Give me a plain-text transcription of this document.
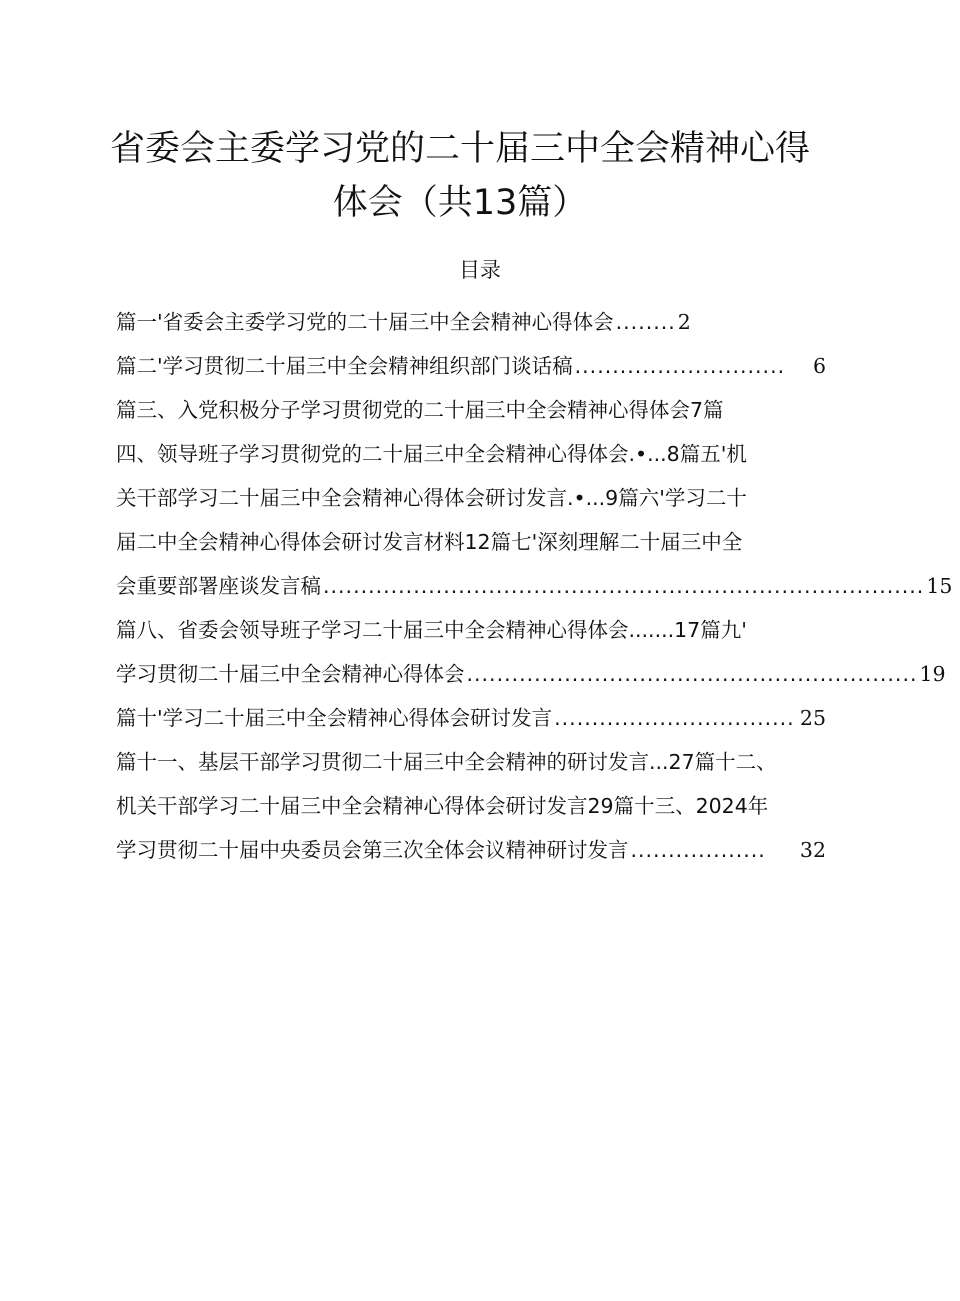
省委会主委学习党的二十届三中全会精神心得
体会（共13篇）
目录
篇一'省委会主委学习党的二十届三中全会精神心得体会 ........ 2
篇二'学习贯彻二十届三中全会精神组织部门谈话稿 ............................	6
篇三、入党积极分子学习贯彻党的二十届三中全会精神心得体会7篇
四、领导班子学习贯彻党的二十届三中全会精神心得体会.•...8篇五'机
关干部学习二十届三中全会精神心得体会研讨发言.•...9篇六'学习二十
届二中全会精神心得体会研讨发言材料12篇七'深刻理解二十届三中全
会重要部署座谈发言稿 ................................................................................ 15
篇八、省委会领导班子学习二十届三中全会精神心得体会.......17篇九'
学习贯彻二十届三中全会精神心得体会 ............................................................ 19
篇十'学习二十届三中全会精神心得体会研讨发言 ................................ 25
篇十一、基层干部学习贯彻二十届三中全会精神的研讨发言...27篇十二、
机关干部学习二十届三中全会精神心得体会研讨发言29篇十三、2024年
学习贯彻二十届中央委员会第三次全体会议精神研讨发言 ..................	32
